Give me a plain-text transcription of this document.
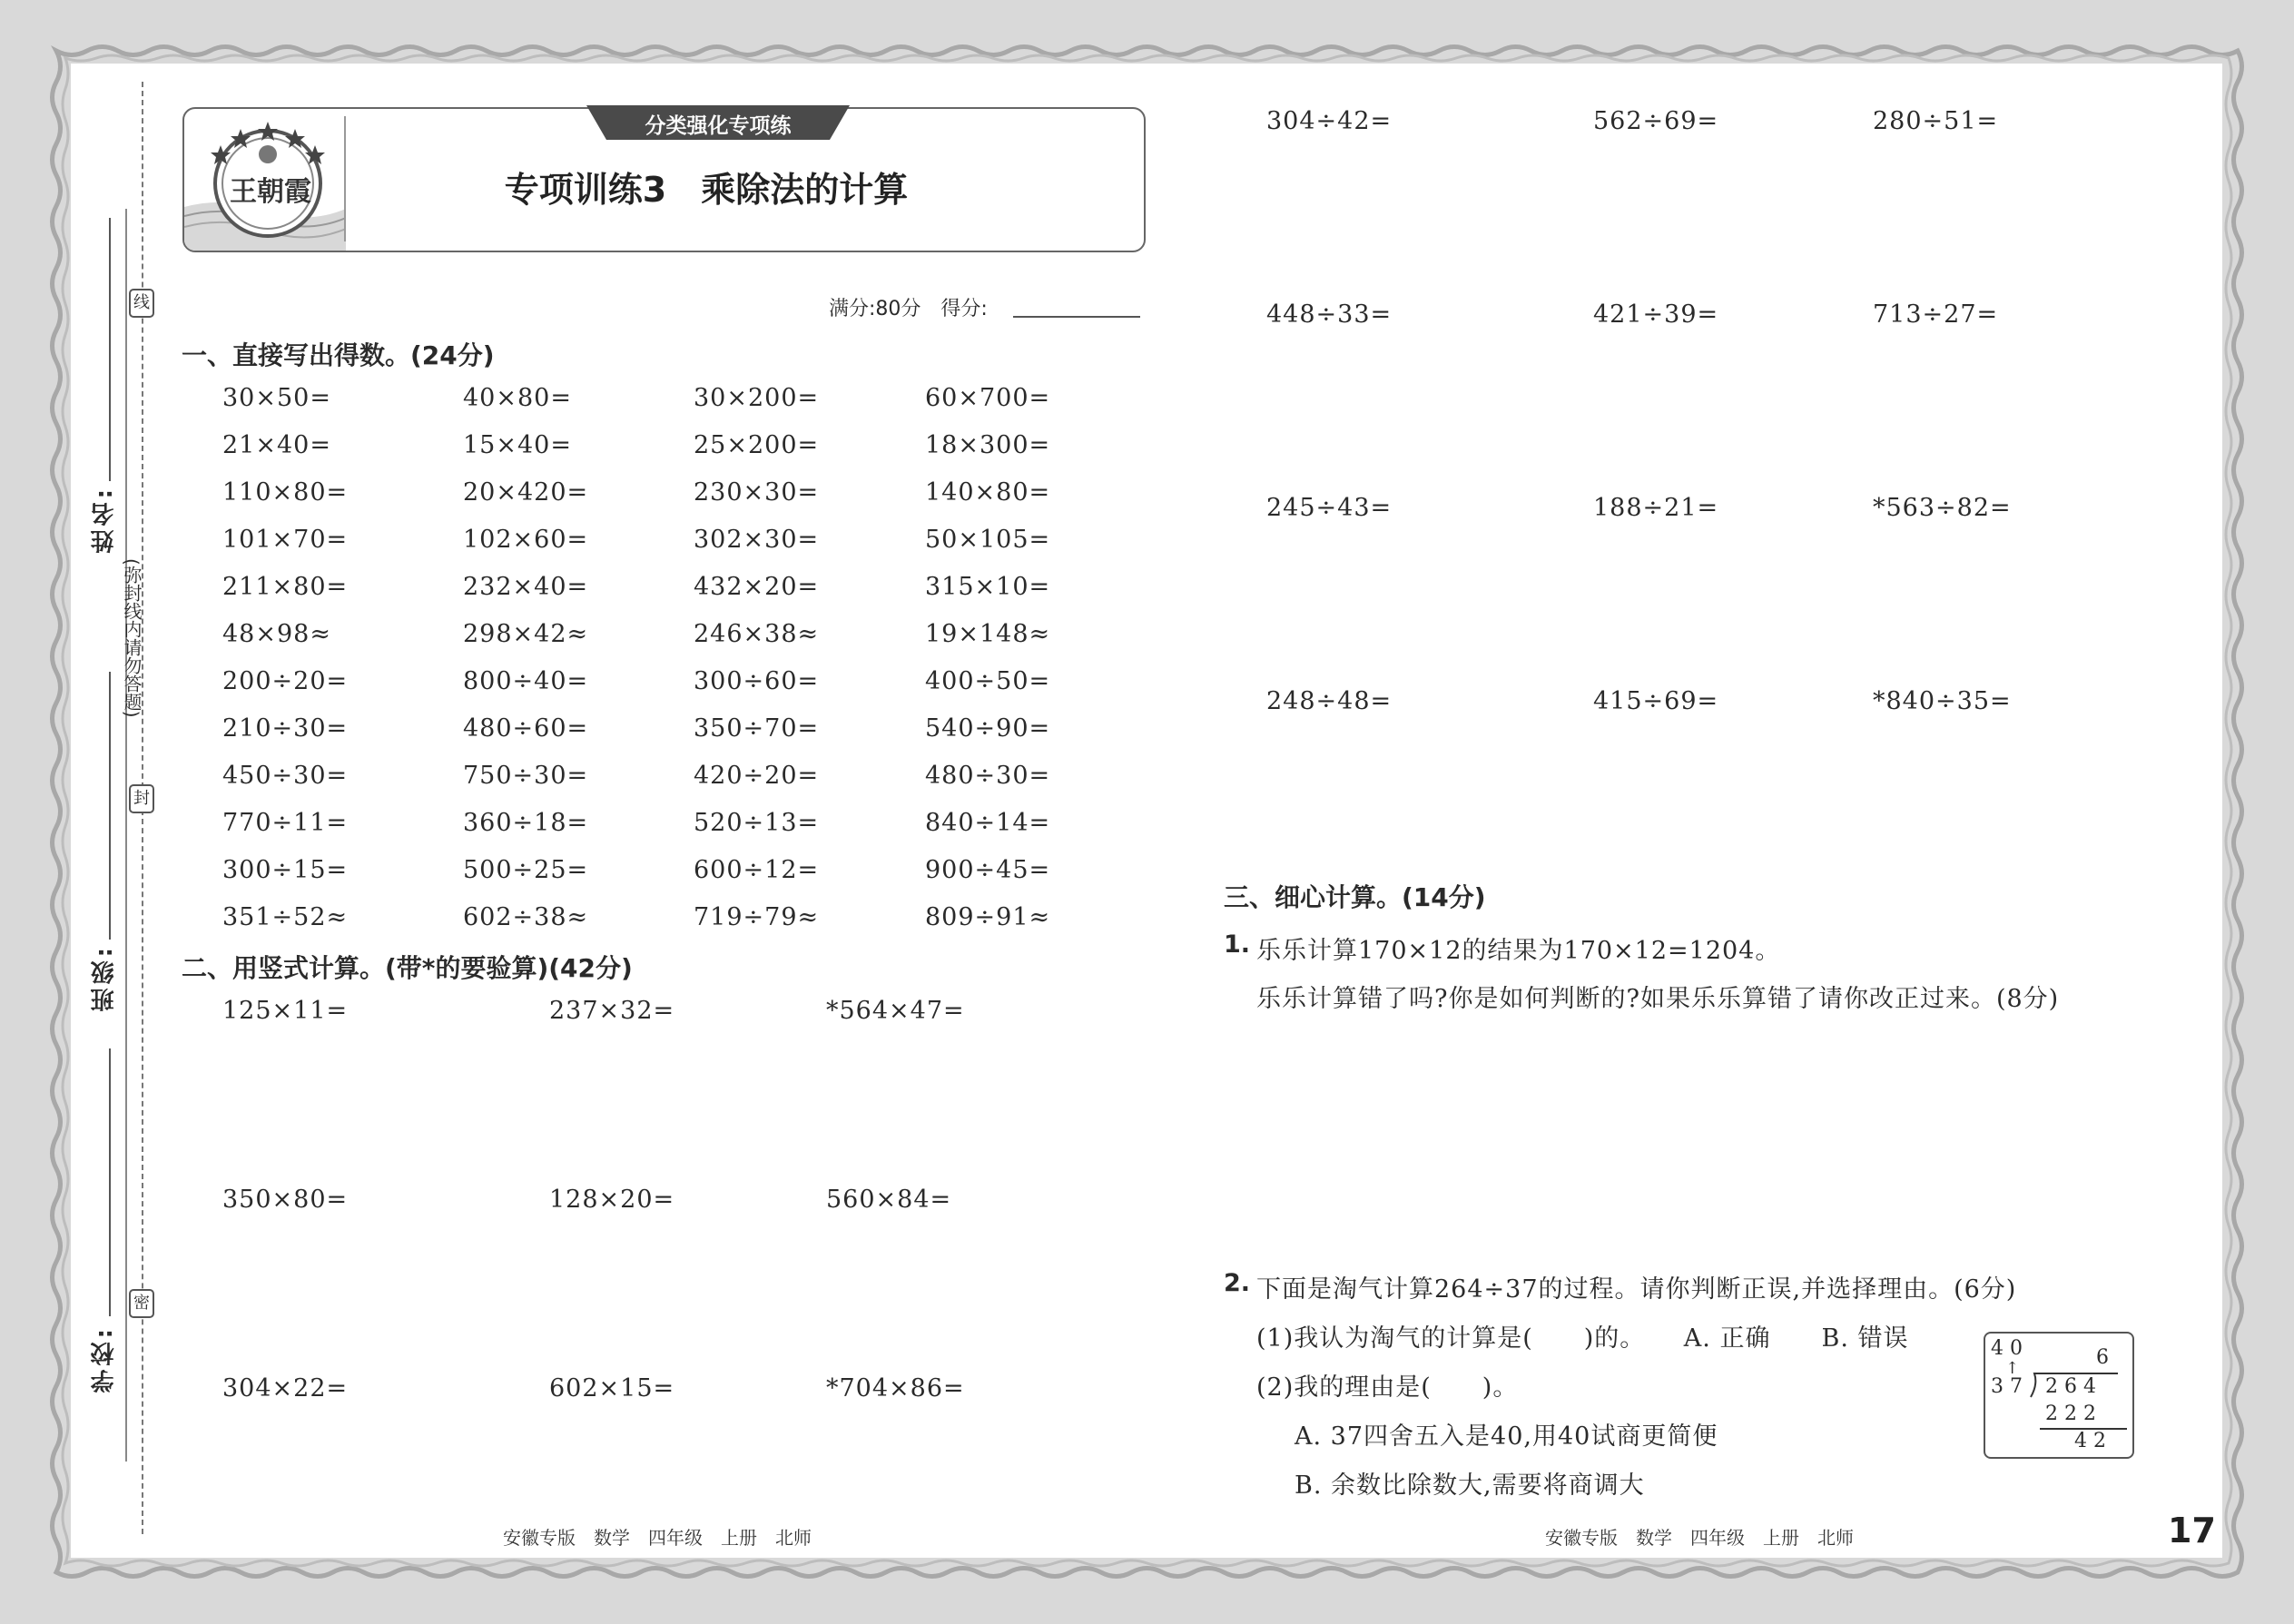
姓名:
班级:
学校:
线
封
密
(弥封线内请勿答题)
王朝霞
分类强化专项练
专项训练3　乘除法的计算
满分:80分　得分:
一、直接写出得数。(24分)
30×50=	40×80=	30×200=	60×700=
21×40=	15×40=	25×200=	18×300=
110×80=	20×420=	230×30=	140×80=
101×70=	102×60=	302×30=	50×105=
211×80=	232×40=	432×20=	315×10=
48×98≈	298×42≈	246×38≈	19×148≈
200÷20=	800÷40=	300÷60=	400÷50=
210÷30=	480÷60=	350÷70=	540÷90=
450÷30=	750÷30=	420÷20=	480÷30=
770÷11=	360÷18=	520÷13=	840÷14=
300÷15=	500÷25=	600÷12=	900÷45=
351÷52≈	602÷38≈	719÷79≈	809÷91≈
二、用竖式计算。(带*的要验算)(42分)
125×11=	237×32=	*564×47=
350×80=	128×20=	560×84=
304×22=	602×15=	*704×86=
304÷42=	562÷69=	280÷51=
448÷33=	421÷39=	713÷27=
245÷43=	188÷21=	*563÷82=
248÷48=	415÷69=	*840÷35=
三、细心计算。(14分)
1. 乐乐计算170×12的结果为170×12=1204。
乐乐计算错了吗?你是如何判断的?如果乐乐算错了请你改正过来。(8分)
2. 下面是淘气计算264÷37的过程。请你判断正误,并选择理由。(6分)
(1)我认为淘气的计算是(　　)的。　　A. 正确　　B. 错误
(2)我的理由是(　　)。
A. 37四舍五入是40,用40试商更简便
B. 余数比除数大,需要将商调大
4 0	6
↑
3 7 2 6 4
2 2 2
4 2
安徽专版　数学　四年级　上册　北师	安徽专版　数学　四年级　上册　北师	17
